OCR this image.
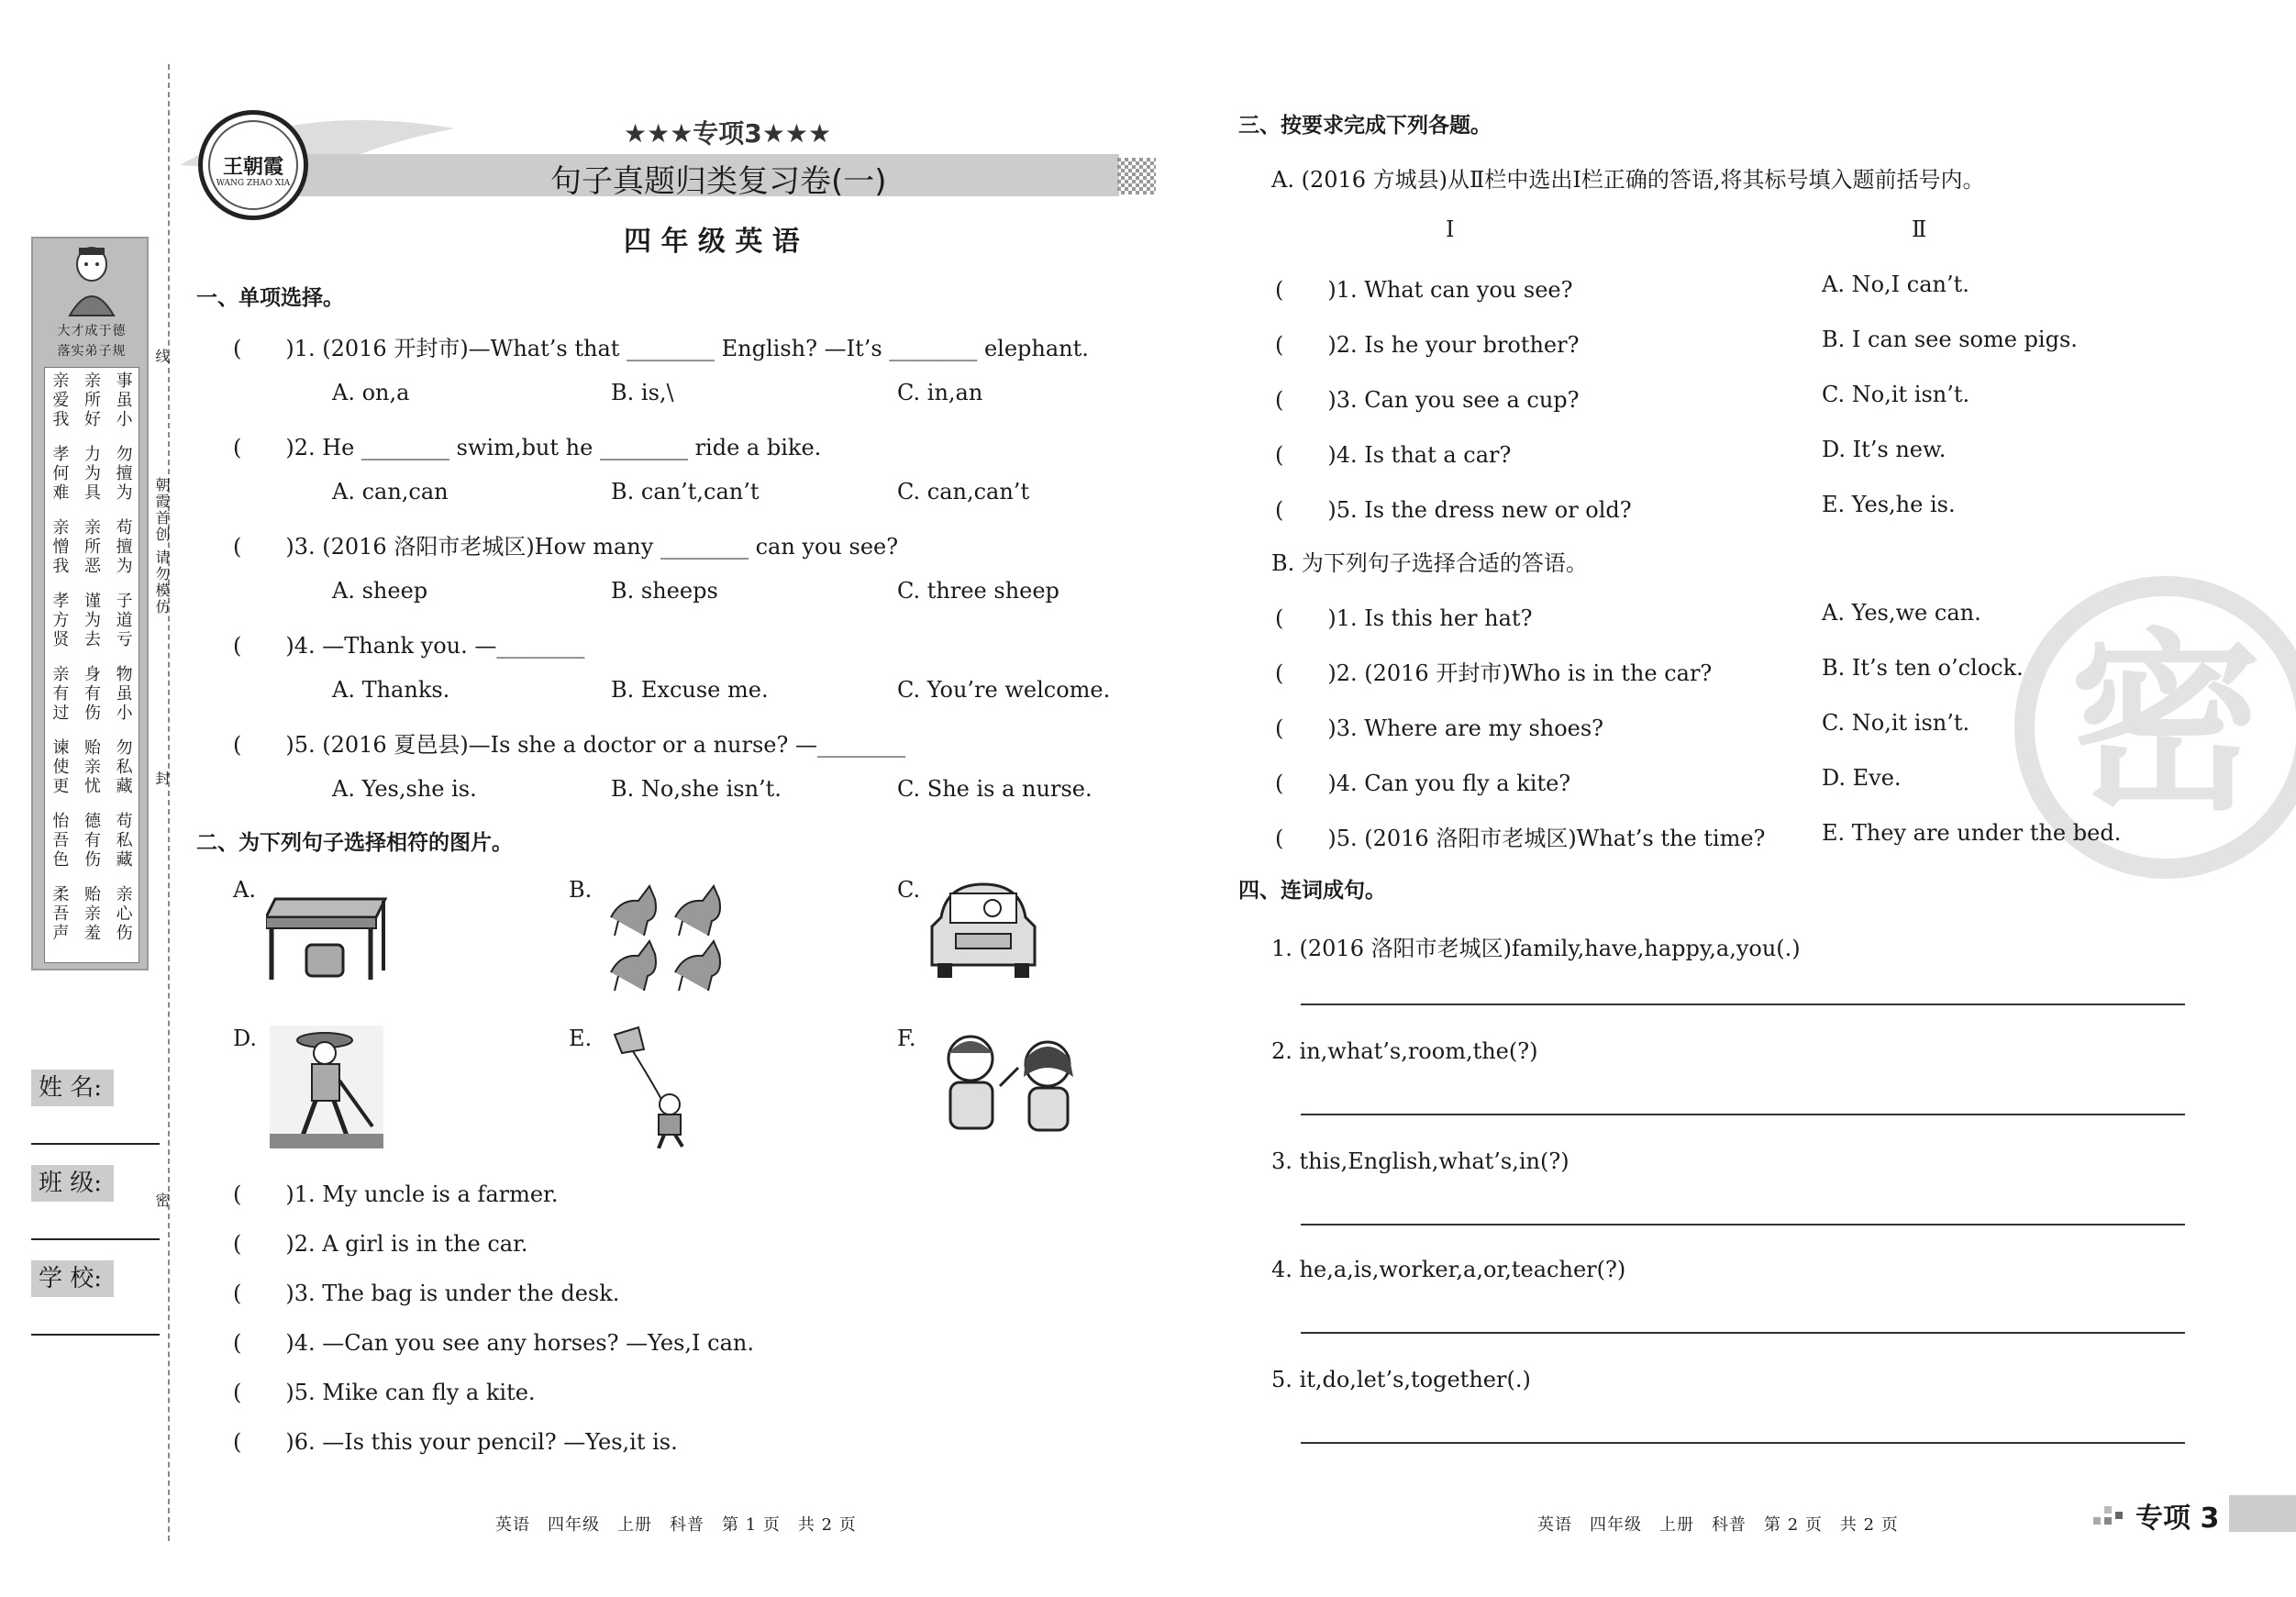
大才成于德
落实弟子规
亲爱我
亲所好
事虽小
孝何难
力为具
勿擅为
亲憎我
亲所恶
苟擅为
孝方贤
谨为去
子道亏
亲有过
身有伤
物虽小
谏使更
贻亲忧
勿私藏
怡吾色
德有伤
苟私藏
柔吾声
贻亲羞
亲心伤
线
朝霞首创 请勿模仿
封
密
姓 名:
班 级:
学 校:
王朝霞
WANG ZHAO XIA
★★★专项3★★★
句子真题归类复习卷(一)
四 年 级 英 语
一、单项选择。
(　　)1. (2016 开封市)—What’s that ________ English? —It’s ________ elephant.
A. on,a	B. is,\	C. in,an
(　　)2. He ________ swim,but he ________ ride a bike.
A. can,can	B. can’t,can’t	C. can,can’t
(　　)3. (2016 洛阳市老城区)How many ________ can you see?
A. sheep	B. sheeps	C. three sheep
(　　)4. —Thank you. —________
A. Thanks.	B. Excuse me.	C. You’re welcome.
(　　)5. (2016 夏邑县)—Is she a doctor or a nurse? —________
A. Yes,she is.	B. No,she isn’t.	C. She is a nurse.
二、为下列句子选择相符的图片。
A.	B.	C.
D.	E.	F.
(　　)1. My uncle is a farmer.
(　　)2. A girl is in the car.
(　　)3. The bag is under the desk.
(　　)4. —Can you see any horses? —Yes,I can.
(　　)5. Mike can fly a kite.
(　　)6. —Is this your pencil? —Yes,it is.
英语　四年级　上册　科普　第 1 页　共 2 页
密
三、按要求完成下列各题。
A. (2016 方城县)从Ⅱ栏中选出Ⅰ栏正确的答语,将其标号填入题前括号内。
Ⅰ	Ⅱ
(　　)1. What can you see?	A. No,I can’t.
(　　)2. Is he your brother?	B. I can see some pigs.
(　　)3. Can you see a cup?	C. No,it isn’t.
(　　)4. Is that a car?	D. It’s new.
(　　)5. Is the dress new or old?	E. Yes,he is.
B. 为下列句子选择合适的答语。
(　　)1. Is this her hat?	A. Yes,we can.
(　　)2. (2016 开封市)Who is in the car?	B. It’s ten o’clock.
(　　)3. Where are my shoes?	C. No,it isn’t.
(　　)4. Can you fly a kite?	D. Eve.
(　　)5. (2016 洛阳市老城区)What’s the time?	E. They are under the bed.
四、连词成句。
1. (2016 洛阳市老城区)family,have,happy,a,you(.)
2. in,what’s,room,the(?)
3. this,English,what’s,in(?)
4. he,a,is,worker,a,or,teacher(?)
5. it,do,let’s,together(.)
英语　四年级　上册　科普　第 2 页　共 2 页	专项 3
